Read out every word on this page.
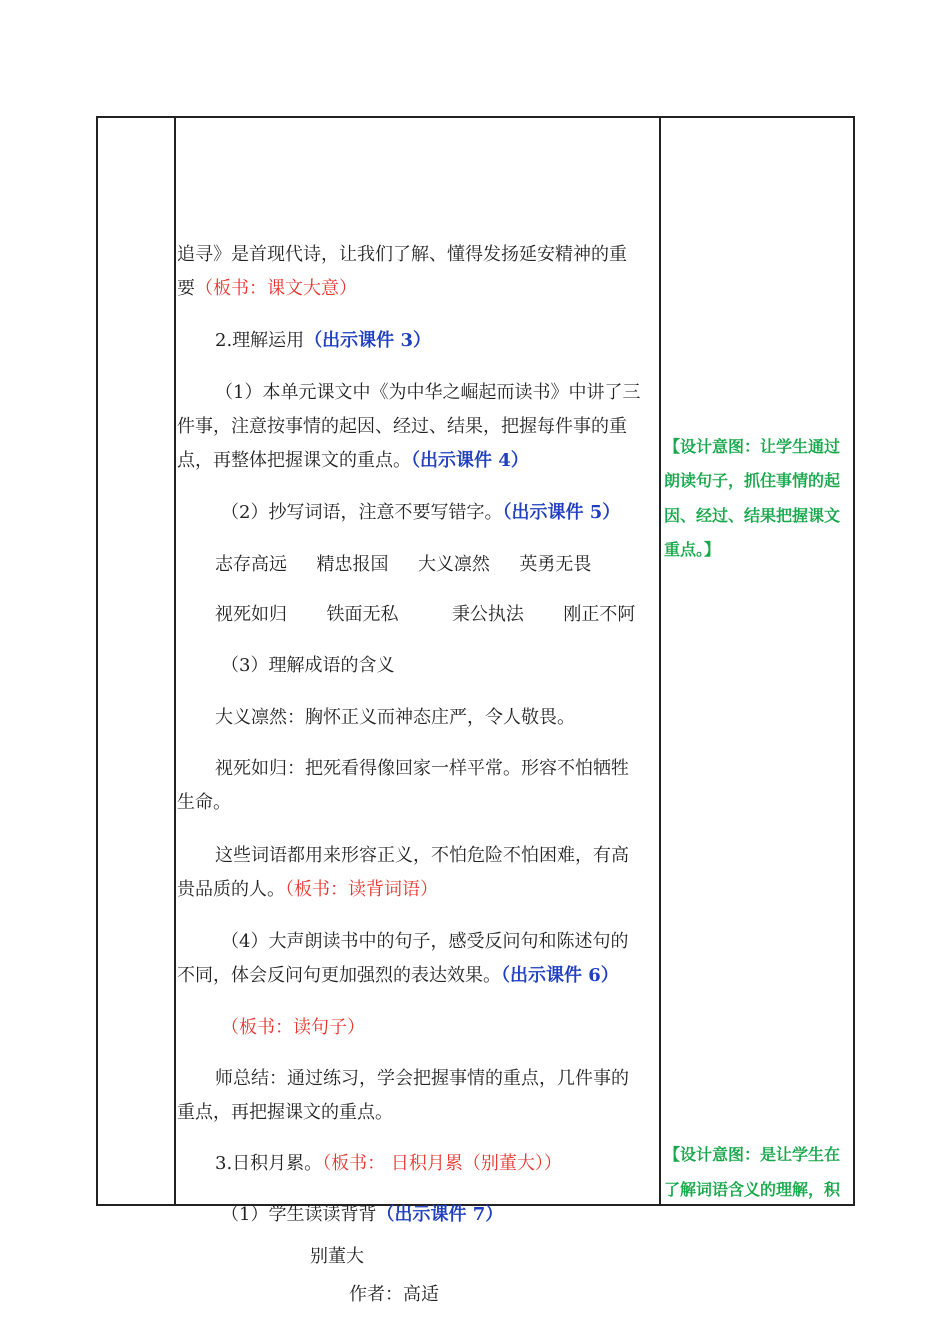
追寻》是首现代诗，让我们了解、懂得发扬延安精神的重
要（板书：课文大意）
2.理解运用（出示课件 3）
（1）本单元课文中《为中华之崛起而读书》中讲了三
件事，注意按事情的起因、经过、结果，把握每件事的重
点，再整体把握课文的重点。（出示课件 4）
（2）抄写词语，注意不要写错字。（出示课件 5）
志存高远 精忠报国 大义凛然 英勇无畏
视死如归 铁面无私	秉公执法 刚正不阿
（3）理解成语的含义
大义凛然：胸怀正义而神态庄严，令人敬畏。
视死如归：把死看得像回家一样平常。形容不怕牺牲
生命。
这些词语都用来形容正义，不怕危险不怕困难，有高
贵品质的人。（板书：读背词语）
（4）大声朗读书中的句子，感受反问句和陈述句的
不同，体会反问句更加强烈的表达效果。（出示课件 6）
（板书：读句子）
师总结：通过练习，学会把握事情的重点，几件事的
重点，再把握课文的重点。
3.日积月累。（板书： 日积月累（别董大））
（1）学生读读背背（出示课件 7）
别董大
作者：高适
【设计意图：让学生通过
朗读句子，抓住事情的起
因、经过、结果把握课文
重点。】
【设计意图：是让学生在
了解词语含义的理解，积
